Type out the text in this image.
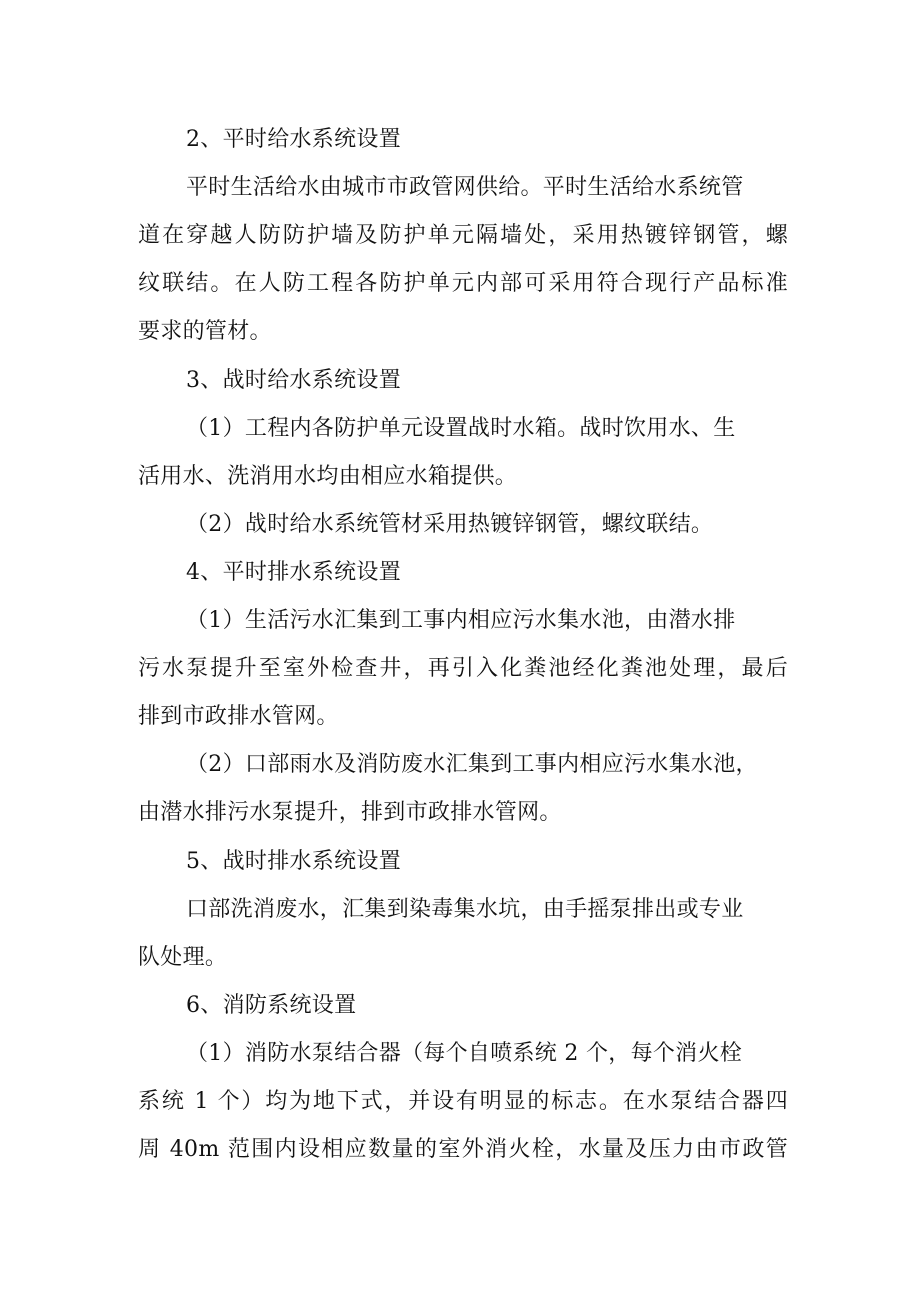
2、平时给水系统设置
平时生活给水由城市市政管网供给。平时生活给水系统管
道在穿越人防防护墙及防护单元隔墙处，采用热镀锌钢管，螺
纹联结。在人防工程各防护单元内部可采用符合现行产品标准
要求的管材。
3、战时给水系统设置
（1）工程内各防护单元设置战时水箱。战时饮用水、生
活用水、洗消用水均由相应水箱提供。
（2）战时给水系统管材采用热镀锌钢管，螺纹联结。
4、平时排水系统设置
（1）生活污水汇集到工事内相应污水集水池，由潜水排
污水泵提升至室外检查井，再引入化粪池经化粪池处理，最后
排到市政排水管网。
（2）口部雨水及消防废水汇集到工事内相应污水集水池，
由潜水排污水泵提升，排到市政排水管网。
5、战时排水系统设置
口部洗消废水，汇集到染毒集水坑，由手摇泵排出或专业
队处理。
6、消防系统设置
（1）消防水泵结合器（每个自喷系统 2 个，每个消火栓
系统 1 个）均为地下式，并设有明显的标志。在水泵结合器四
周 40m 范围内设相应数量的室外消火栓，水量及压力由市政管
